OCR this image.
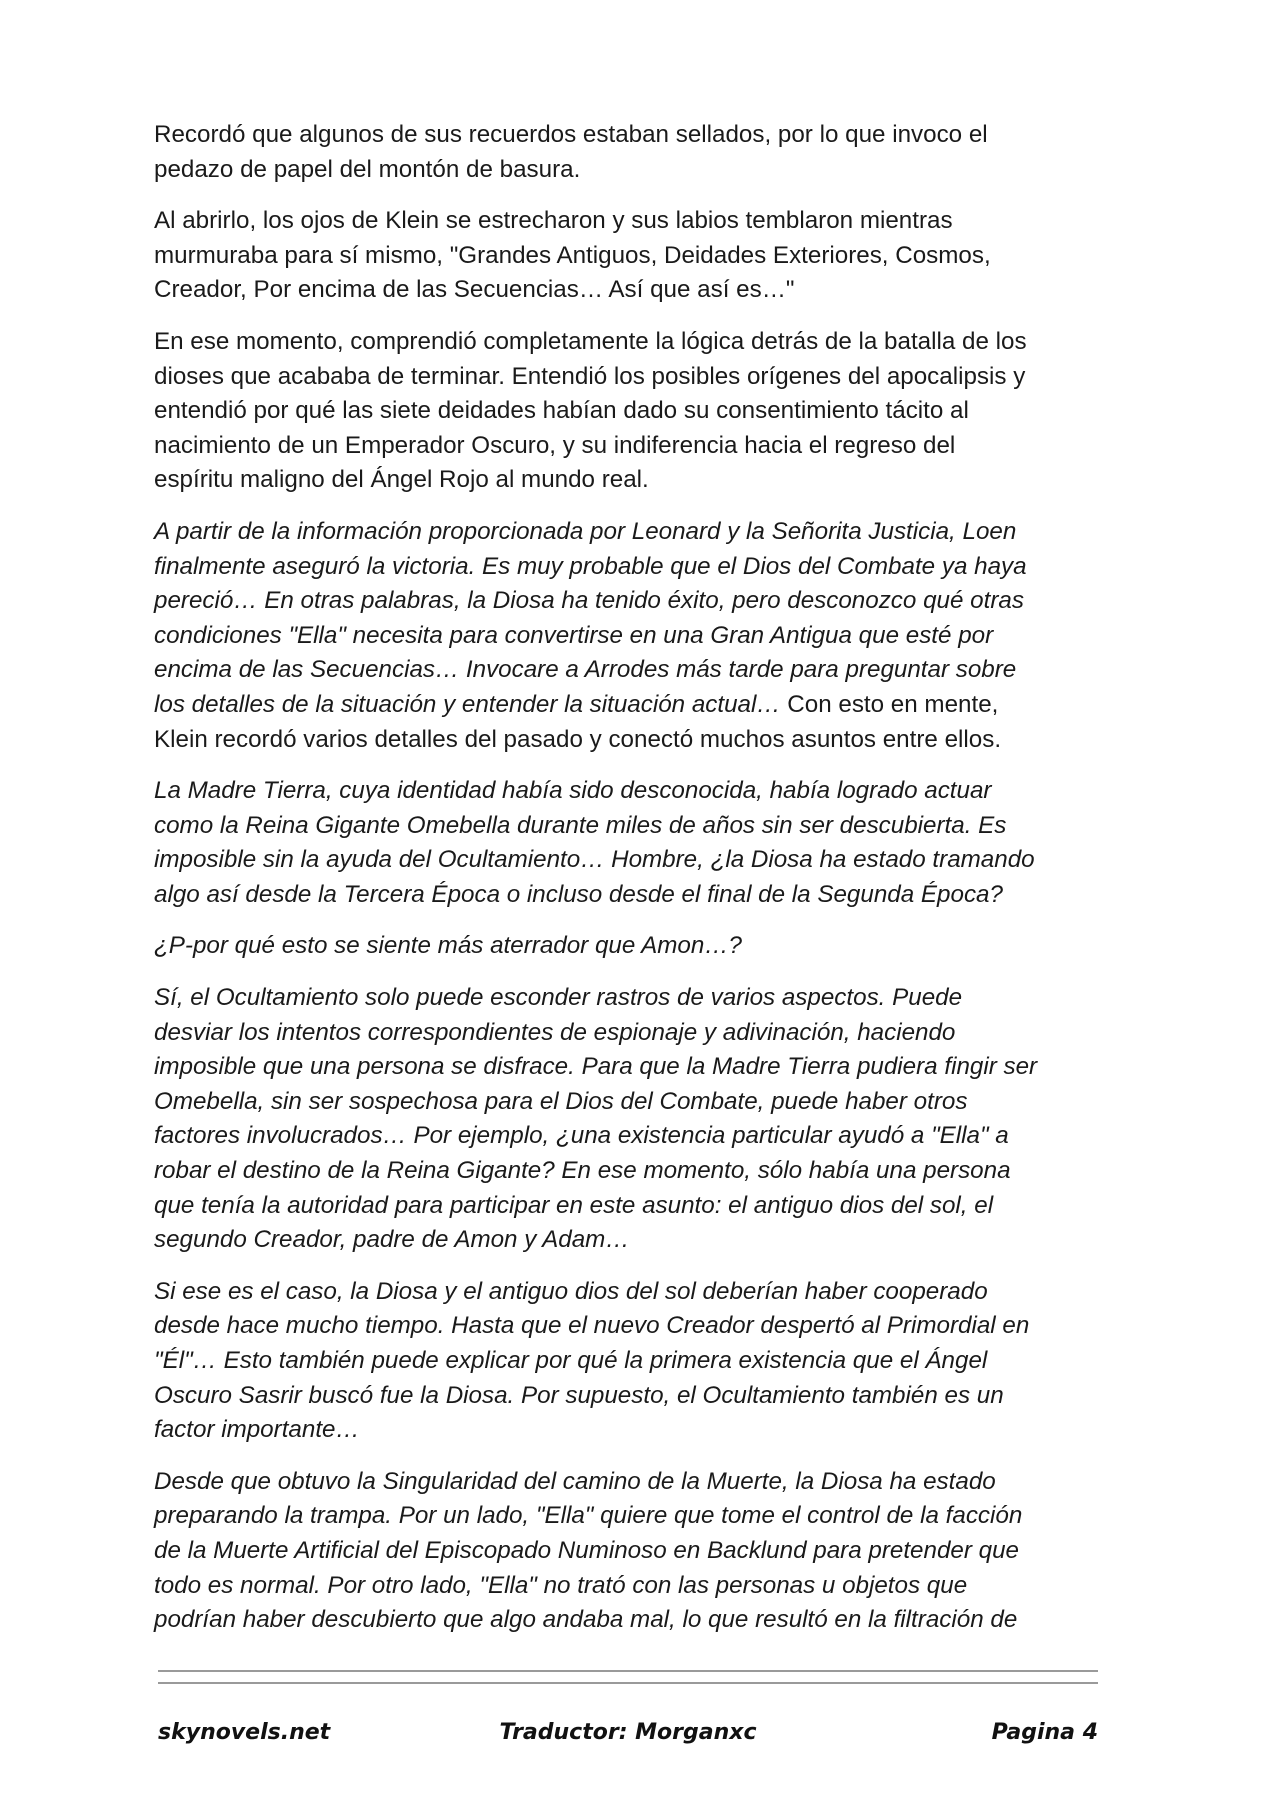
Recordó que algunos de sus recuerdos estaban sellados, por lo que invoco el
pedazo de papel del montón de basura.

Al abrirlo, los ojos de Klein se estrecharon y sus labios temblaron mientras
murmuraba para sí mismo, "Grandes Antiguos, Deidades Exteriores, Cosmos,
Creador, Por encima de las Secuencias… Así que así es…"

En ese momento, comprendió completamente la lógica detrás de la batalla de los
dioses que acababa de terminar. Entendió los posibles orígenes del apocalipsis y
entendió por qué las siete deidades habían dado su consentimiento tácito al
nacimiento de un Emperador Oscuro, y su indiferencia hacia el regreso del
espíritu maligno del Ángel Rojo al mundo real.

A partir de la información proporcionada por Leonard y la Señorita Justicia, Loen
finalmente aseguró la victoria. Es muy probable que el Dios del Combate ya haya
pereció… En otras palabras, la Diosa ha tenido éxito, pero desconozco qué otras
condiciones "Ella" necesita para convertirse en una Gran Antigua que esté por
encima de las Secuencias… Invocare a Arrodes más tarde para preguntar sobre
los detalles de la situación y entender la situación actual… Con esto en mente,
Klein recordó varios detalles del pasado y conectó muchos asuntos entre ellos.

La Madre Tierra, cuya identidad había sido desconocida, había logrado actuar
como la Reina Gigante Omebella durante miles de años sin ser descubierta. Es
imposible sin la ayuda del Ocultamiento… Hombre, ¿la Diosa ha estado tramando
algo así desde la Tercera Época o incluso desde el final de la Segunda Época?

¿P-por qué esto se siente más aterrador que Amon…?

Sí, el Ocultamiento solo puede esconder rastros de varios aspectos. Puede
desviar los intentos correspondientes de espionaje y adivinación, haciendo
imposible que una persona se disfrace. Para que la Madre Tierra pudiera fingir ser
Omebella, sin ser sospechosa para el Dios del Combate, puede haber otros
factores involucrados… Por ejemplo, ¿una existencia particular ayudó a "Ella" a
robar el destino de la Reina Gigante? En ese momento, sólo había una persona
que tenía la autoridad para participar en este asunto: el antiguo dios del sol, el
segundo Creador, padre de Amon y Adam…

Si ese es el caso, la Diosa y el antiguo dios del sol deberían haber cooperado
desde hace mucho tiempo. Hasta que el nuevo Creador despertó al Primordial en
"Él"… Esto también puede explicar por qué la primera existencia que el Ángel
Oscuro Sasrir buscó fue la Diosa. Por supuesto, el Ocultamiento también es un
factor importante…

Desde que obtuvo la Singularidad del camino de la Muerte, la Diosa ha estado
preparando la trampa. Por un lado, "Ella" quiere que tome el control de la facción
de la Muerte Artificial del Episcopado Numinoso en Backlund para pretender que
todo es normal. Por otro lado, "Ella" no trató con las personas u objetos que
podrían haber descubierto que algo andaba mal, lo que resultó en la filtración de

skynovels.net	Traductor: Morganxc	Pagina 4
